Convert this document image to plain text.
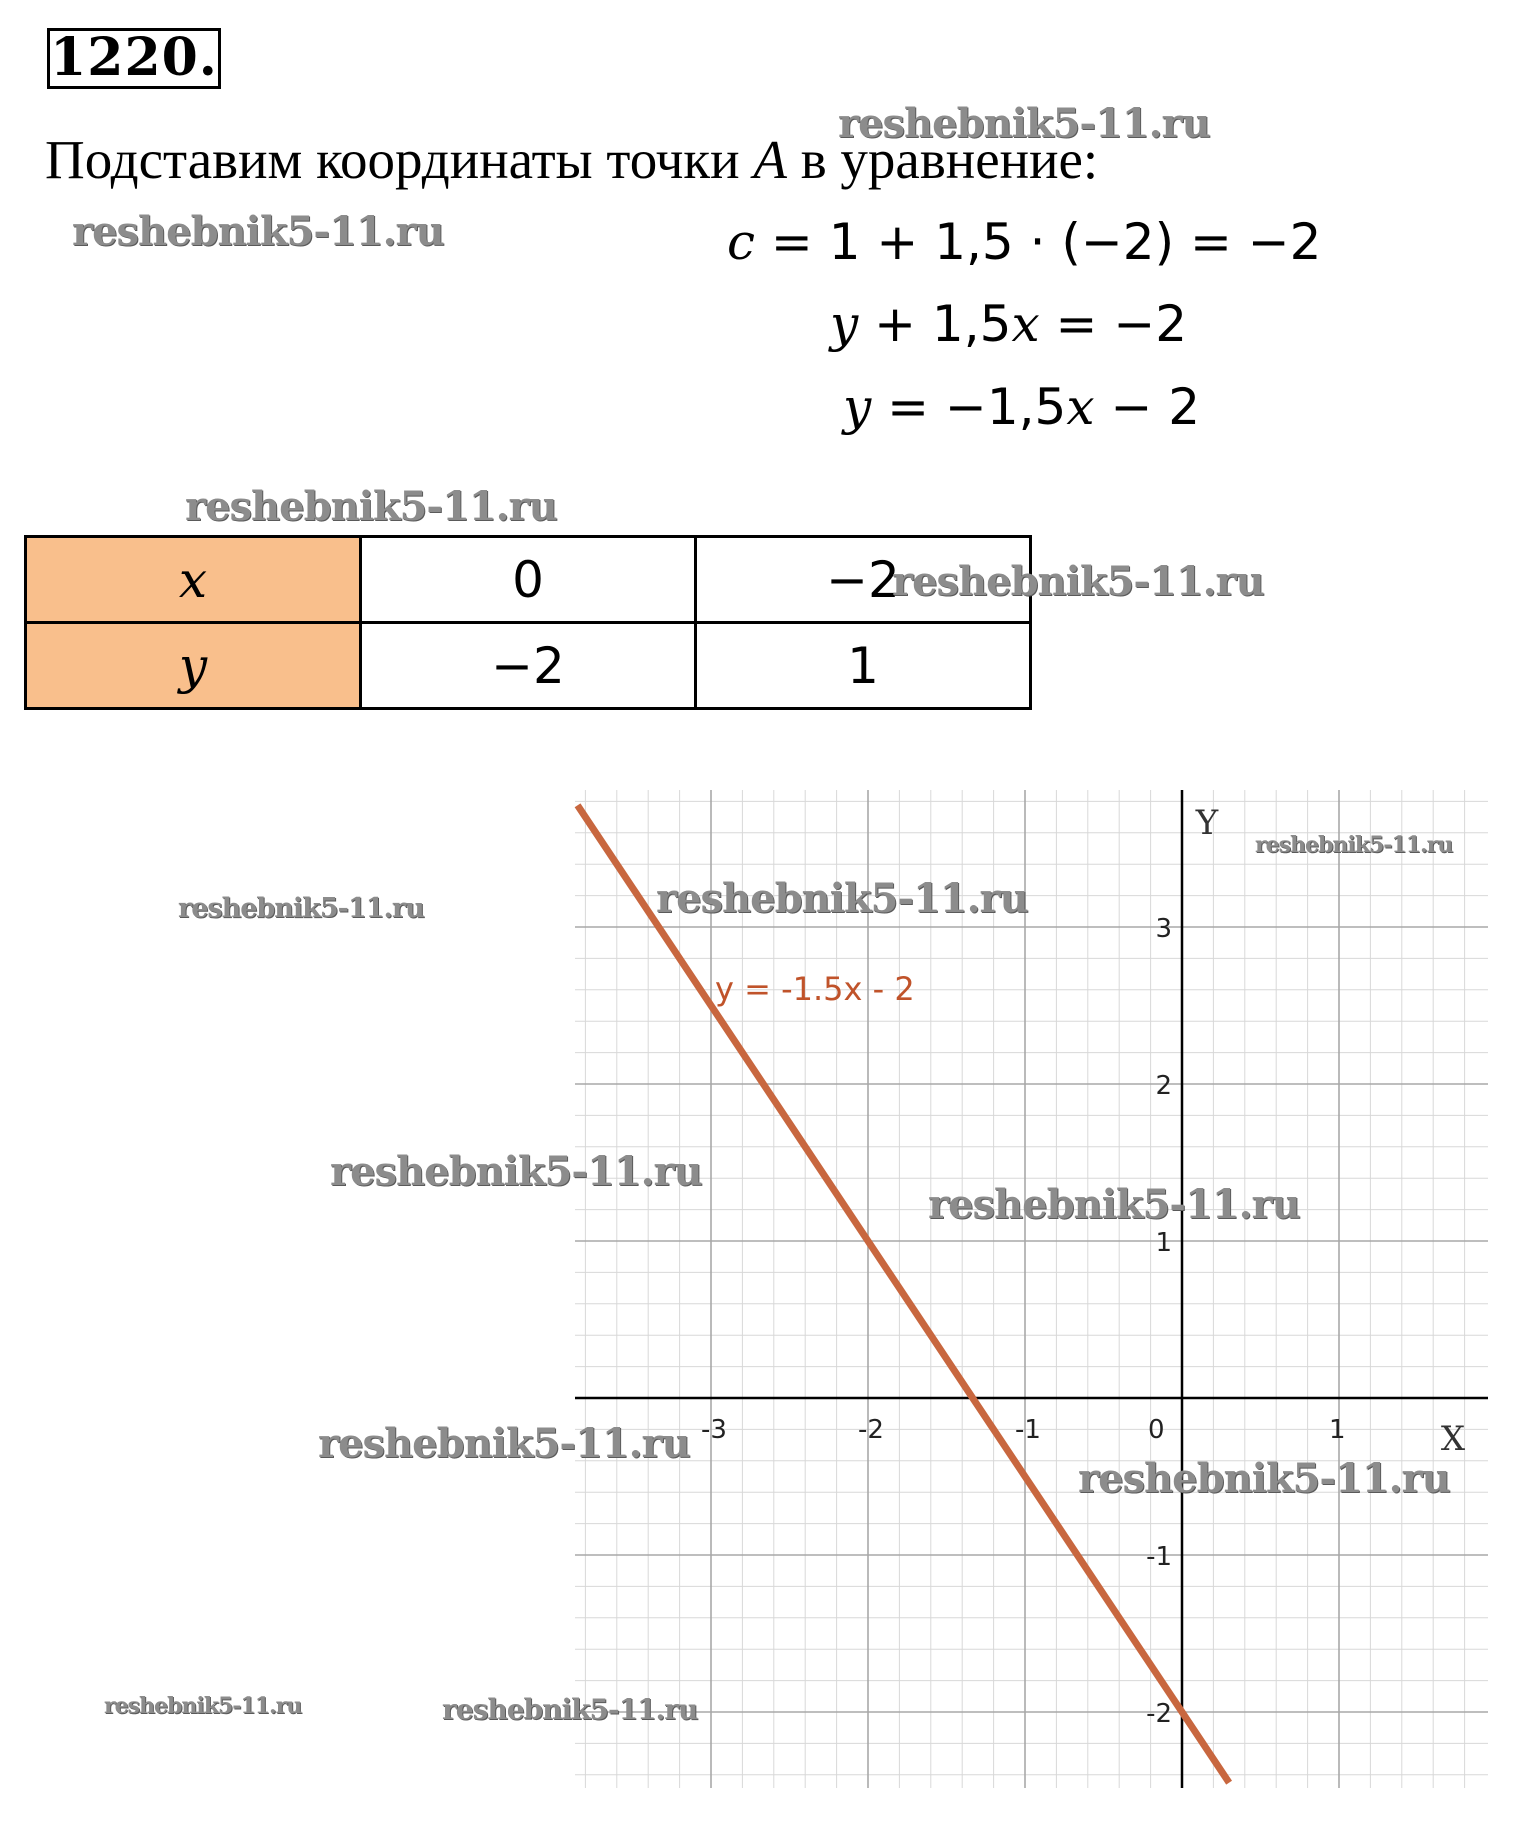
1220.
Подставим координаты точки A в уравнение:
c = 1 + 1,5 · (−2) = −2
y + 1,5x = −2
y = −1,5x − 2
x	0	−2
y	−2	1
-3	-2	-1	0	1
3
2
1
-1
-2
X
Y
y = -1.5x - 2
reshebnik5-11.ru
reshebnik5-11.ru
reshebnik5-11.ru
reshebnik5-11.ru
reshebnik5-11.ru
reshebnik5-11.ru
reshebnik5-11.ru
reshebnik5-11.ru
reshebnik5-11.ru
reshebnik5-11.ru
reshebnik5-11.ru
reshebnik5-11.ru	reshebnik5-11.ru
